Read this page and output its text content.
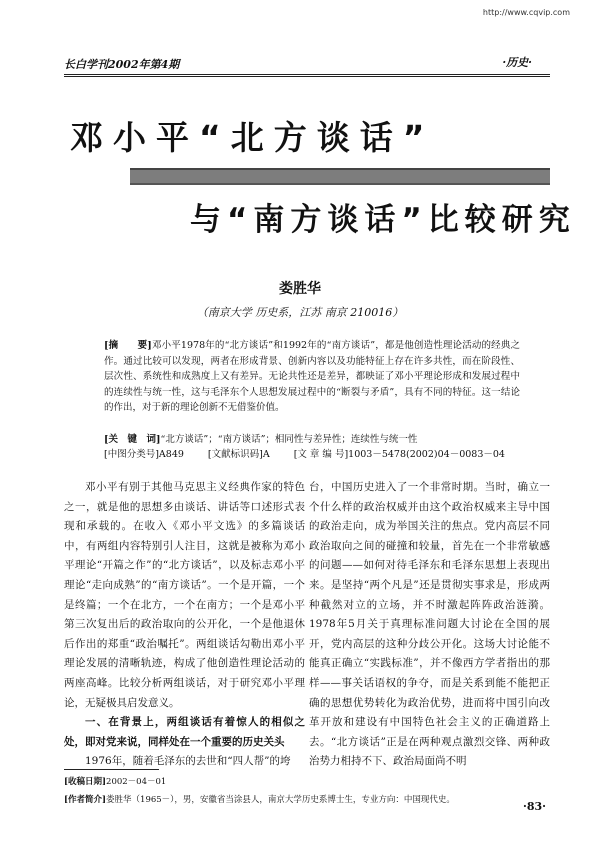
http://www.cqvip.com
长白学刊2002年第4期	·历史·
邓小平“北方谈话”
与“南方谈话”比较研究
娄胜华
（南京大学 历史系，江苏 南京 210016）
[摘　　要]邓小平1978年的“北方谈话”和1992年的“南方谈话”，都是他创造性理论活动的经典之作。通过比较可以发现，两者在形成背景、创新内容以及功能特征上存在许多共性，而在阶段性、层次性、系统性和成熟度上又有差异。无论共性还是差异，都映证了邓小平理论形成和发展过程中的连续性与统一性，这与毛泽东个人思想发展过程中的“断裂与矛盾”，具有不同的特征。这一结论的作出，对于新的理论创新不无借鉴价值。
[关　键　词]“北方谈话”；“南方谈话”；相同性与差异性；连续性与统一性
[中图分类号]A849	[文献标识码]A	[文 章 编 号]1003－5478(2002)04－0083－04

邓小平有别于其他马克思主义经典作家的特色之一，就是他的思想多由谈话、讲话等口述形式表现和承载的。在收入《邓小平文选》的多篇谈话中，有两组内容特别引人注目，这就是被称为邓小平理论“开篇之作”的“北方谈话”，以及标志邓小平理论“走向成熟”的“南方谈话”。一个是开篇，一个是终篇；一个在北方，一个在南方；一个是邓小平第三次复出后的政治取向的公开化，一个是他退休后作出的郑重“政治嘱托”。两组谈话勾勒出邓小平理论发展的清晰轨迹，构成了他创造性理论活动的两座高峰。比较分析两组谈话，对于研究邓小平理论，无疑极具启发意义。

一、在背景上，两组谈话有着惊人的相似之处，即对党来说，同样处在一个重要的历史关头

1976年，随着毛泽东的去世和“四人帮”的垮

台，中国历史进入了一个非常时期。当时，确立一个什么样的政治权威并由这个政治权威来主导中国的政治走向，成为举国关注的焦点。党内高层不同政治取向之间的碰撞和较量，首先在一个非常敏感的问题——如何对待毛泽东和毛泽东思想上表现出来。是坚持“两个凡是”还是贯彻实事求是，形成两种截然对立的立场，并不时激起阵阵政治涟漪。1978年5月关于真理标准问题大讨论在全国的展开，党内高层的这种分歧公开化。这场大讨论能不能真正确立“实践标准”，并不像西方学者指出的那样——事关话语权的争夺，而是关系到能不能把正确的思想优势转化为政治优势，进而将中国引向改革开放和建设有中国特色社会主义的正确道路上去。“北方谈话”正是在两种观点激烈交锋、两种政治势力相持不下、政治局面尚不明

[收稿日期]2002－04－01
[作者简介]娄胜华（1965－），男，安徽省当涂县人，南京大学历史系博士生，专业方向：中国现代史。	·83·
